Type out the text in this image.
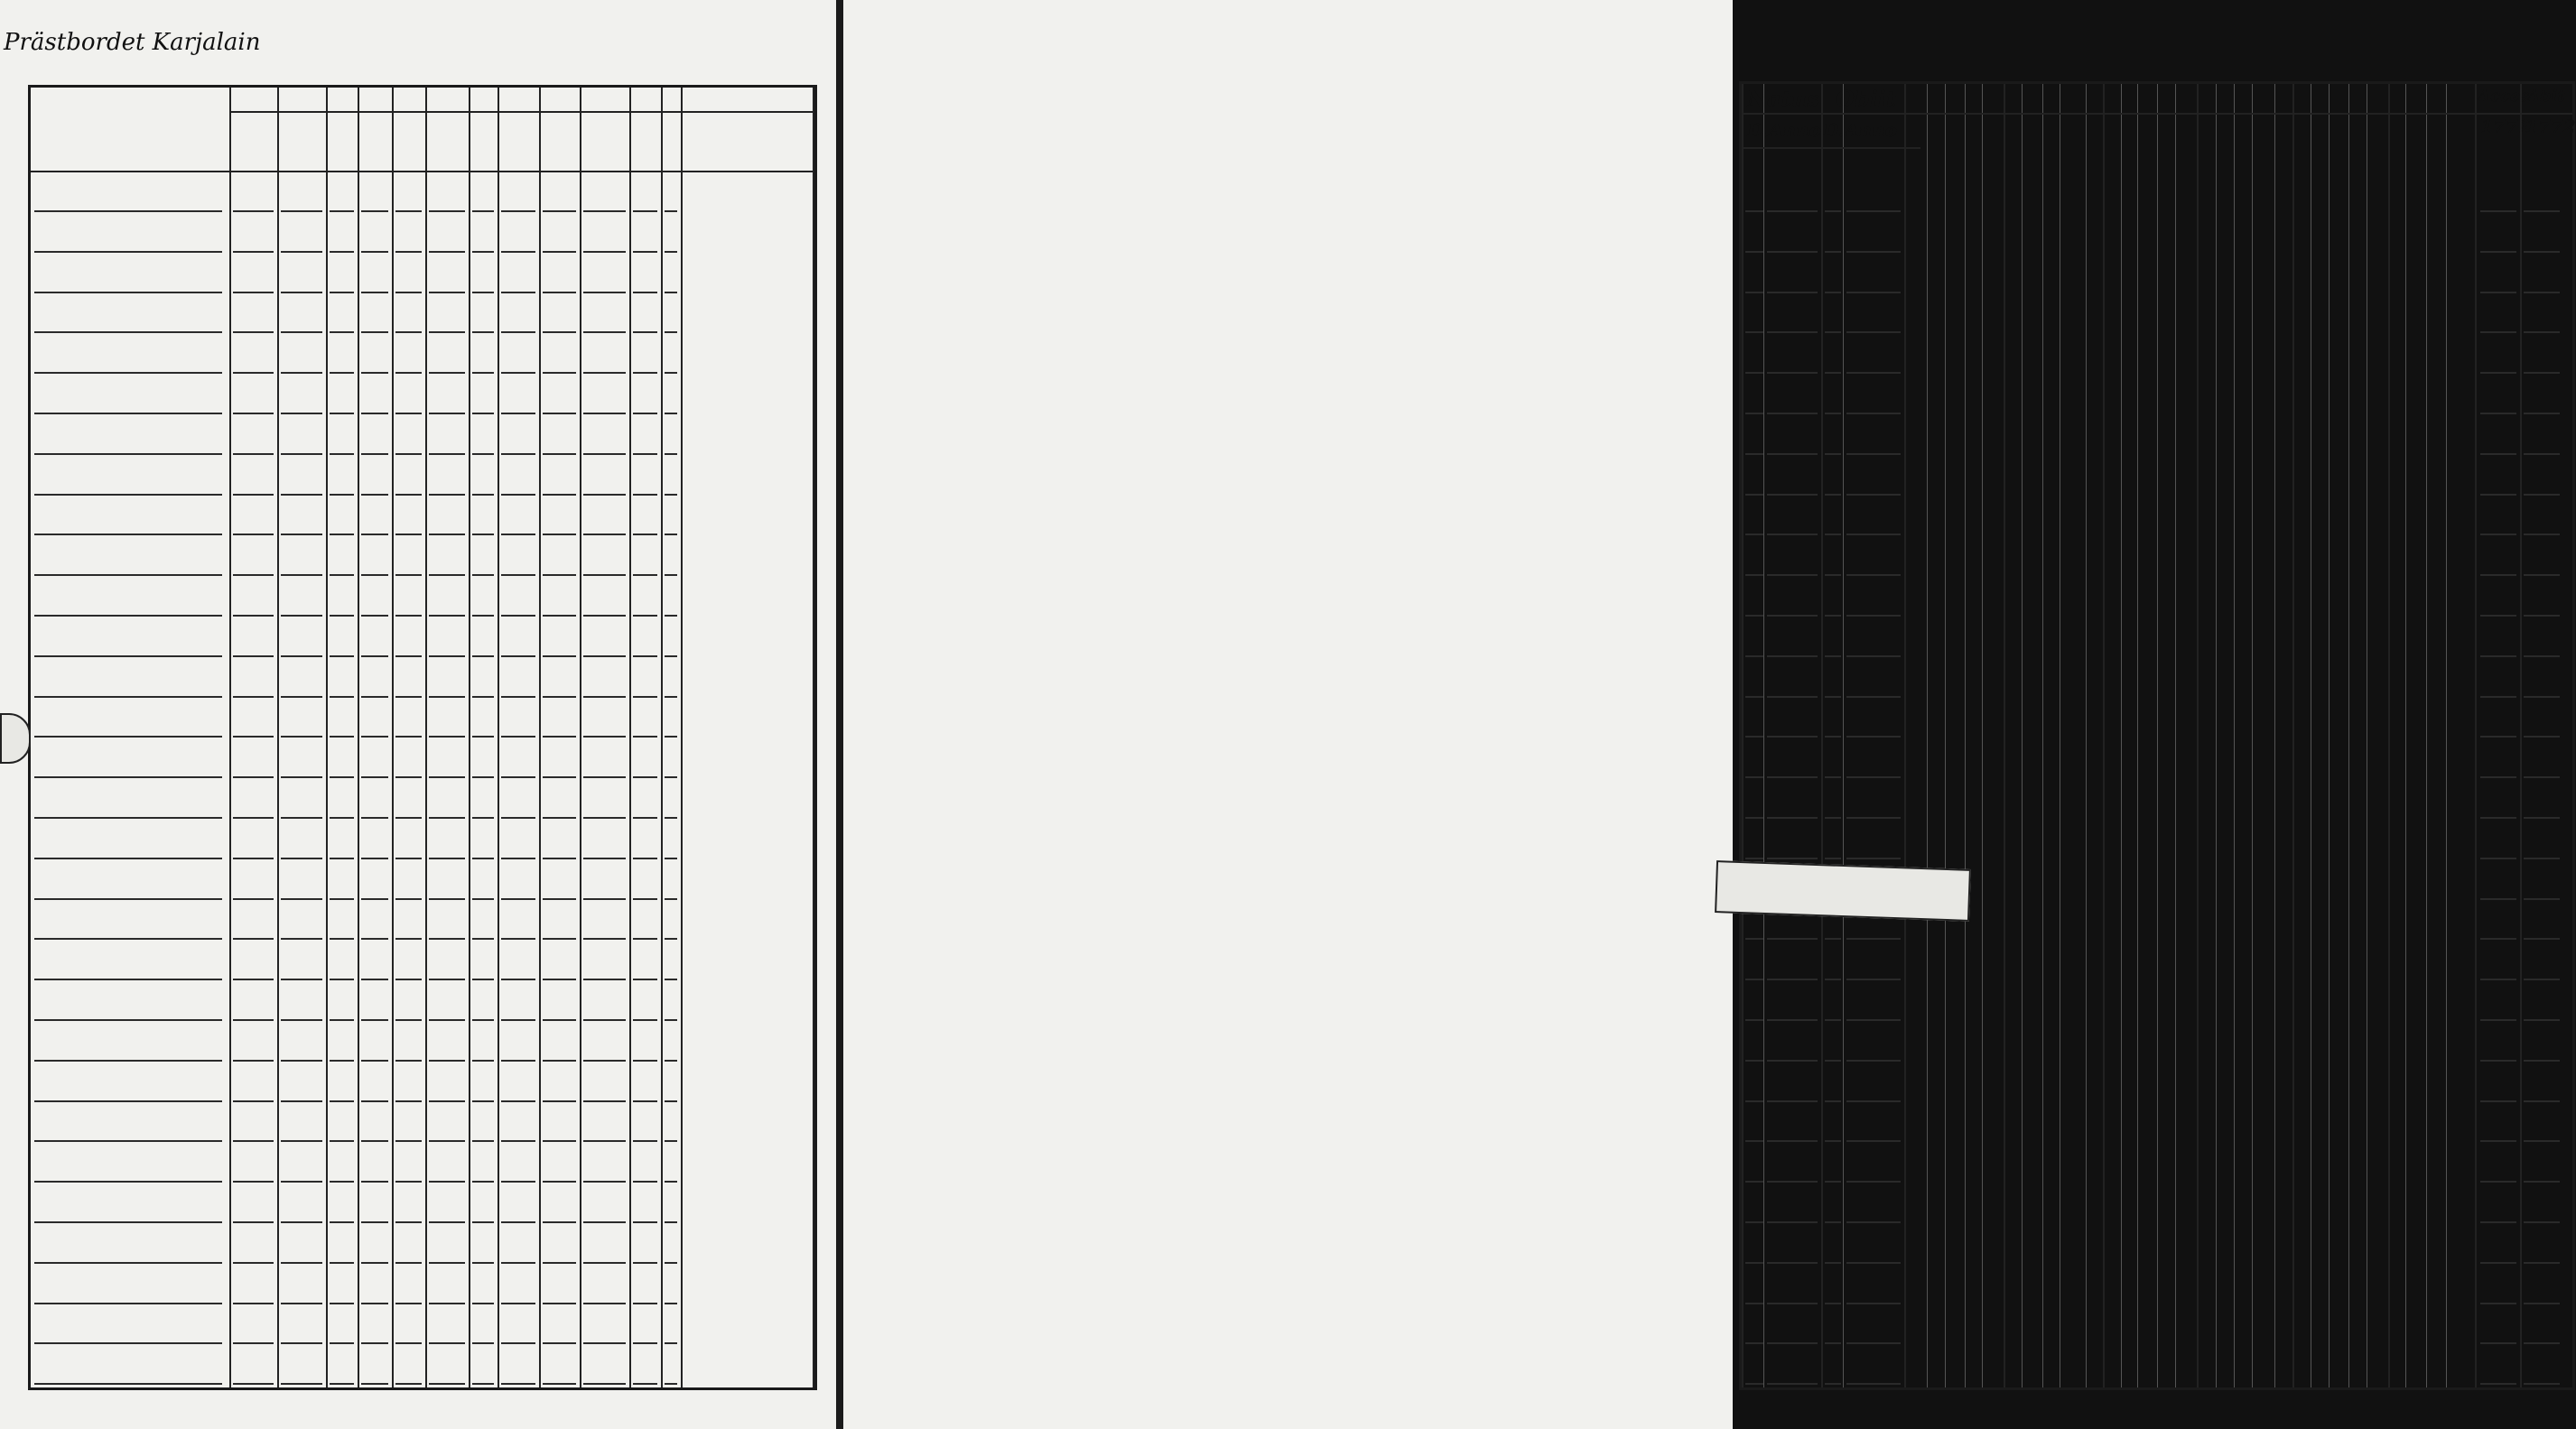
Prästbordet Karjalain
Natus Obiit
D. Anno D. Anno
Acces
Abit
1771
1772
